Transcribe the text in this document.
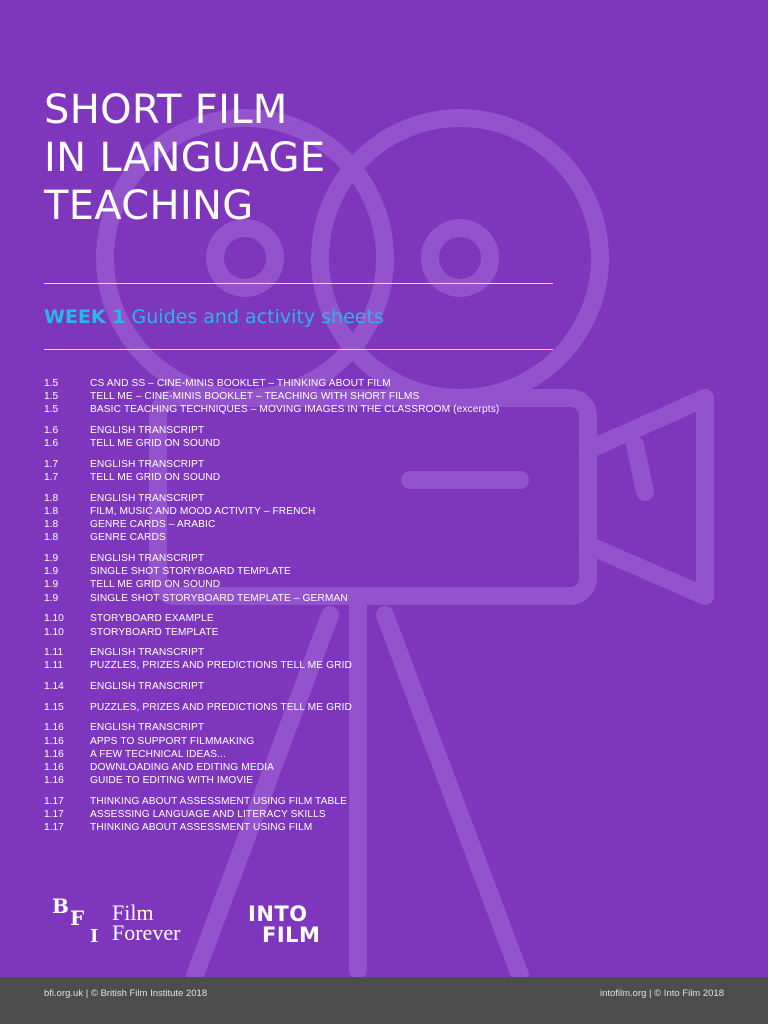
SHORT FILM
IN LANGUAGE
TEACHING
WEEK 1 Guides and activity sheets
1.5	CS AND SS – CINE-MINIS BOOKLET – THINKING ABOUT FILM
1.5	TELL ME – CINE-MINIS BOOKLET – TEACHING WITH SHORT FILMS
1.5	BASIC TEACHING TECHNIQUES – MOVING IMAGES IN THE CLASSROOM (excerpts)
1.6	ENGLISH TRANSCRIPT
1.6	TELL ME GRID ON SOUND
1.7	ENGLISH TRANSCRIPT
1.7	TELL ME GRID ON SOUND
1.8	ENGLISH TRANSCRIPT
1.8	FILM, MUSIC AND MOOD ACTIVITY – FRENCH
1.8	GENRE CARDS – ARABIC
1.8	GENRE CARDS
1.9	ENGLISH TRANSCRIPT
1.9	SINGLE SHOT STORYBOARD TEMPLATE
1.9	TELL ME GRID ON SOUND
1.9	SINGLE SHOT STORYBOARD TEMPLATE – GERMAN
1.10	STORYBOARD EXAMPLE
1.10	STORYBOARD TEMPLATE
1.11	ENGLISH TRANSCRIPT
1.11	PUZZLES, PRIZES AND PREDICTIONS TELL ME GRID
1.14	ENGLISH TRANSCRIPT
1.15	PUZZLES, PRIZES AND PREDICTIONS TELL ME GRID
1.16	ENGLISH TRANSCRIPT
1.16	APPS TO SUPPORT FILMMAKING
1.16	A FEW TECHNICAL IDEAS...
1.16	DOWNLOADING AND EDITING MEDIA
1.16	GUIDE TO EDITING WITH IMOVIE
1.17	THINKING ABOUT ASSESSMENT USING FILM TABLE
1.17	ASSESSING LANGUAGE AND LITERACY SKILLS
1.17	THINKING ABOUT ASSESSMENT USING FILM
B F
I
Film
Forever
INTO
FILM
bfi.org.uk | © British Film Institute 2018	intofilm.org | © Into Film 2018
